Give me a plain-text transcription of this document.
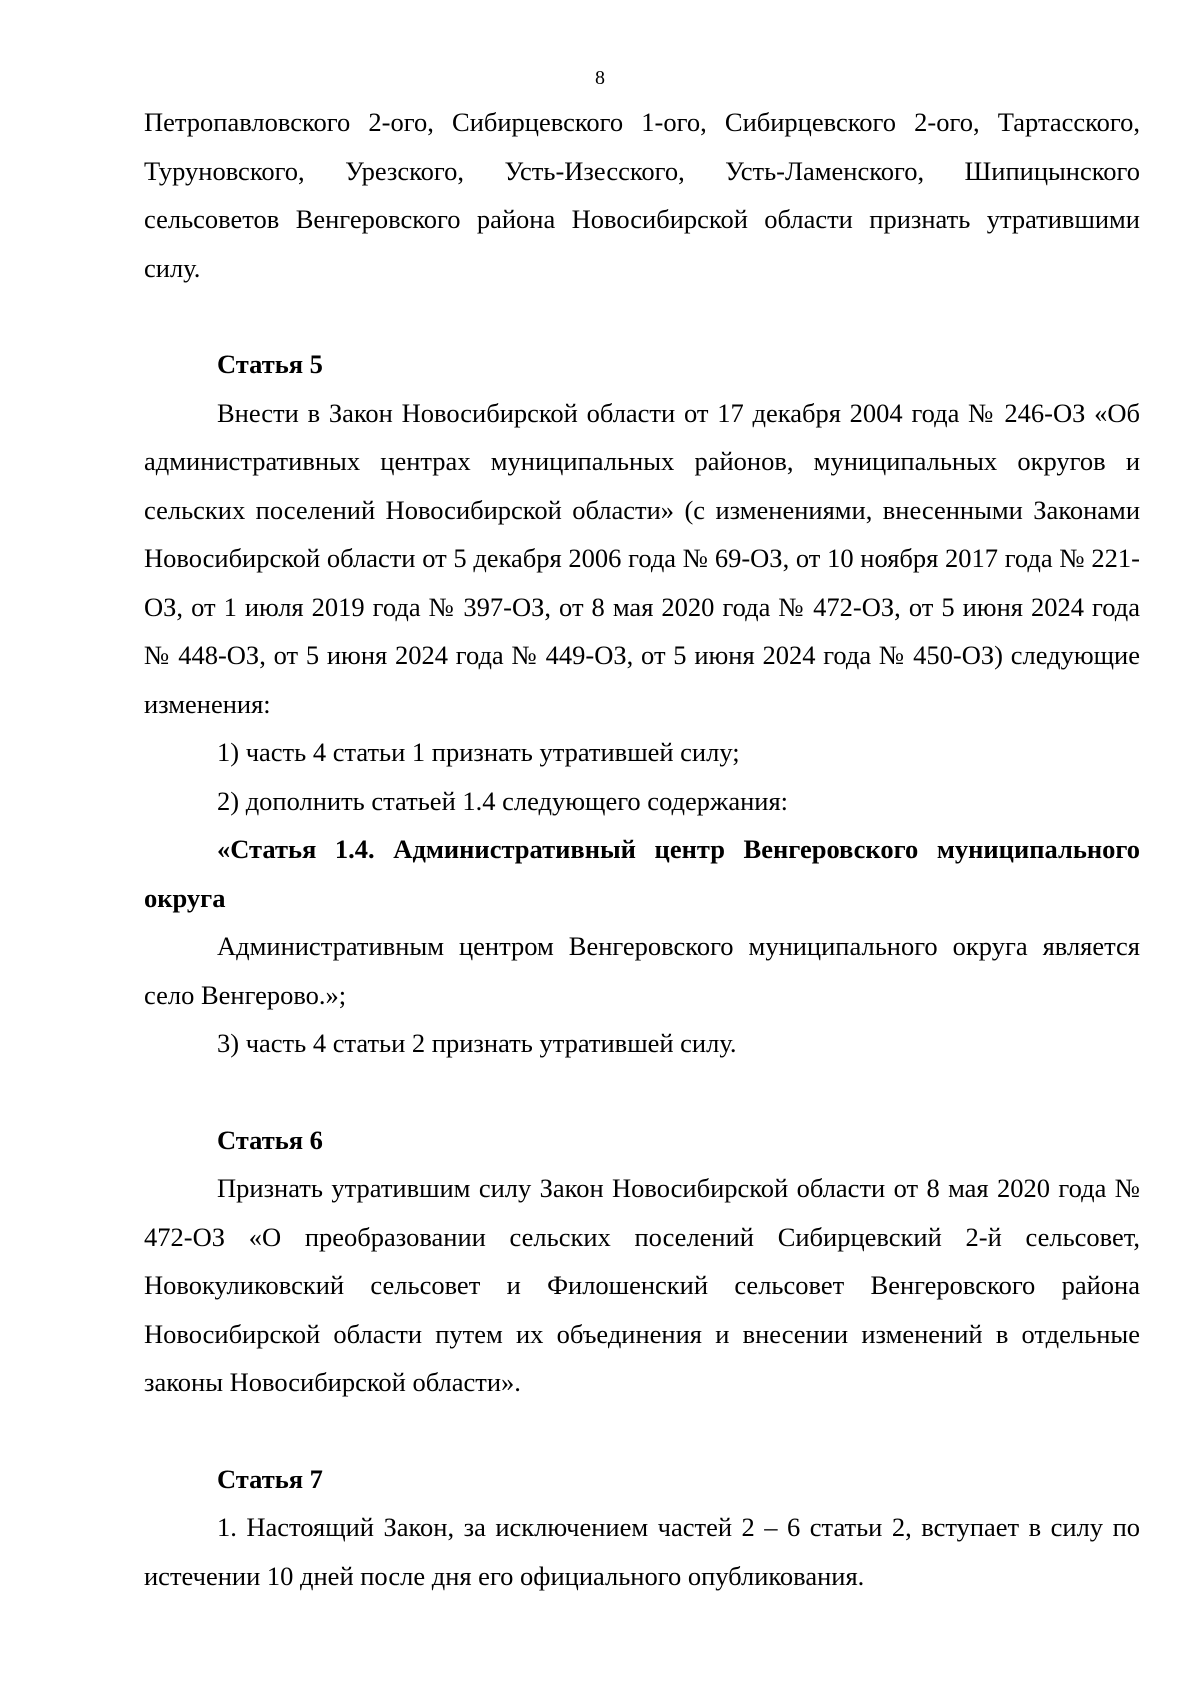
8

Петропавловского 2-ого, Сибирцевского 1-ого, Сибирцевского 2-ого, Тартасского, Туруновского, Урезского, Усть-Изесского, Усть-Ламенского, Шипицынского сельсоветов Венгеровского района Новосибирской области признать утратившими силу.

Статья 5

Внести в Закон Новосибирской области от 17 декабря 2004 года № 246-ОЗ «Об административных центрах муниципальных районов, муниципальных округов и сельских поселений Новосибирской области» (с изменениями, внесенными Законами Новосибирской области от 5 декабря 2006 года № 69-ОЗ, от 10 ноября 2017 года № 221-ОЗ, от 1 июля 2019 года № 397-ОЗ, от 8 мая 2020 года № 472-ОЗ, от 5 июня 2024 года № 448-ОЗ, от 5 июня 2024 года № 449-ОЗ, от 5 июня 2024 года № 450-ОЗ) следующие изменения:

1) часть 4 статьи 1 признать утратившей силу;

2) дополнить статьей 1.4 следующего содержания:

«Статья 1.4. Административный центр Венгеровского муниципального округа

Административным центром Венгеровского муниципального округа является село Венгерово.»;

3) часть 4 статьи 2 признать утратившей силу.

Статья 6

Признать утратившим силу Закон Новосибирской области от 8 мая 2020 года № 472-ОЗ «О преобразовании сельских поселений Сибирцевский 2-й сельсовет, Новокуликовский сельсовет и Филошенский сельсовет Венгеровского района Новосибирской области путем их объединения и внесении изменений в отдельные законы Новосибирской области».

Статья 7

1. Настоящий Закон, за исключением частей 2 – 6 статьи 2, вступает в силу по истечении 10 дней после дня его официального опубликования.
